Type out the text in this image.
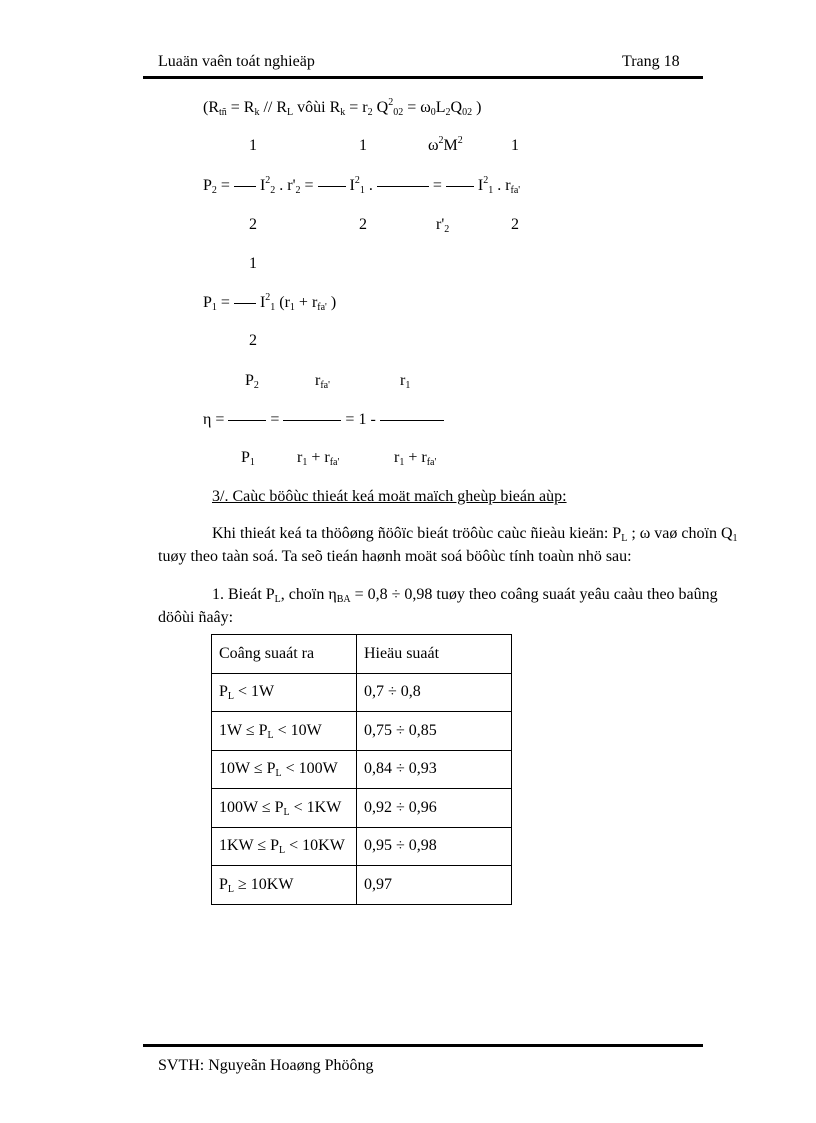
Luaän vaên toát nghieäp	Trang 18
($R_{tñ} = R_k // R_L$ vôùi $R_k = r_2$ $Q^2_{02} = \omega_0L_2Q_{02}$ )
1	1	$\omega^2M^2$	1
$P_2 = I^2_2$ . $r'_2 = I^2_1$ .	=  $I^2_1$ . $r_{fa'}$
2	2	$r'_2$	2
1
$P_1 = I^2_1$ ($r_1 + r_{fa'}$ )
2
$P_2$	$r_{fa'}$	$r_1$
η =  =	= 1 -
$P_1$	$r_1 + r_{fa'}$	$r_1 + r_{fa'}$
3/. Caùc böôùc thieát keá moät maïch gheùp bieán aùp:
Khi thieát keá ta thöôøng ñöôïc bieát tröôùc caùc ñieàu kieän: $P_L$ ; ω vaø choïn $Q_1$
tuøy theo taàn soá. Ta seõ tieán haønh moät soá böôùc tính toaùn nhö sau:
1. Bieát $P_L$, choïn $\eta_{BA} = 0,8 \div 0,98$ tuøy theo coâng suaát yeâu caàu theo baûng
döôùi ñaây:
Coâng suaát ra	Hieäu suaát
$P_L < 1W$	0,7 ÷ 0,8
$1W \le P_L < 10W$	0,75 ÷ 0,85
$10W \le P_L < 100W$	0,84 ÷ 0,93
$100W \le P_L < 1KW$	0,92 ÷ 0,96
$1KW \le P_L < 10KW$	0,95 ÷ 0,98
$P_L \ge 10KW$	0,97
SVTH: Nguyeãn Hoaøng Phöông
